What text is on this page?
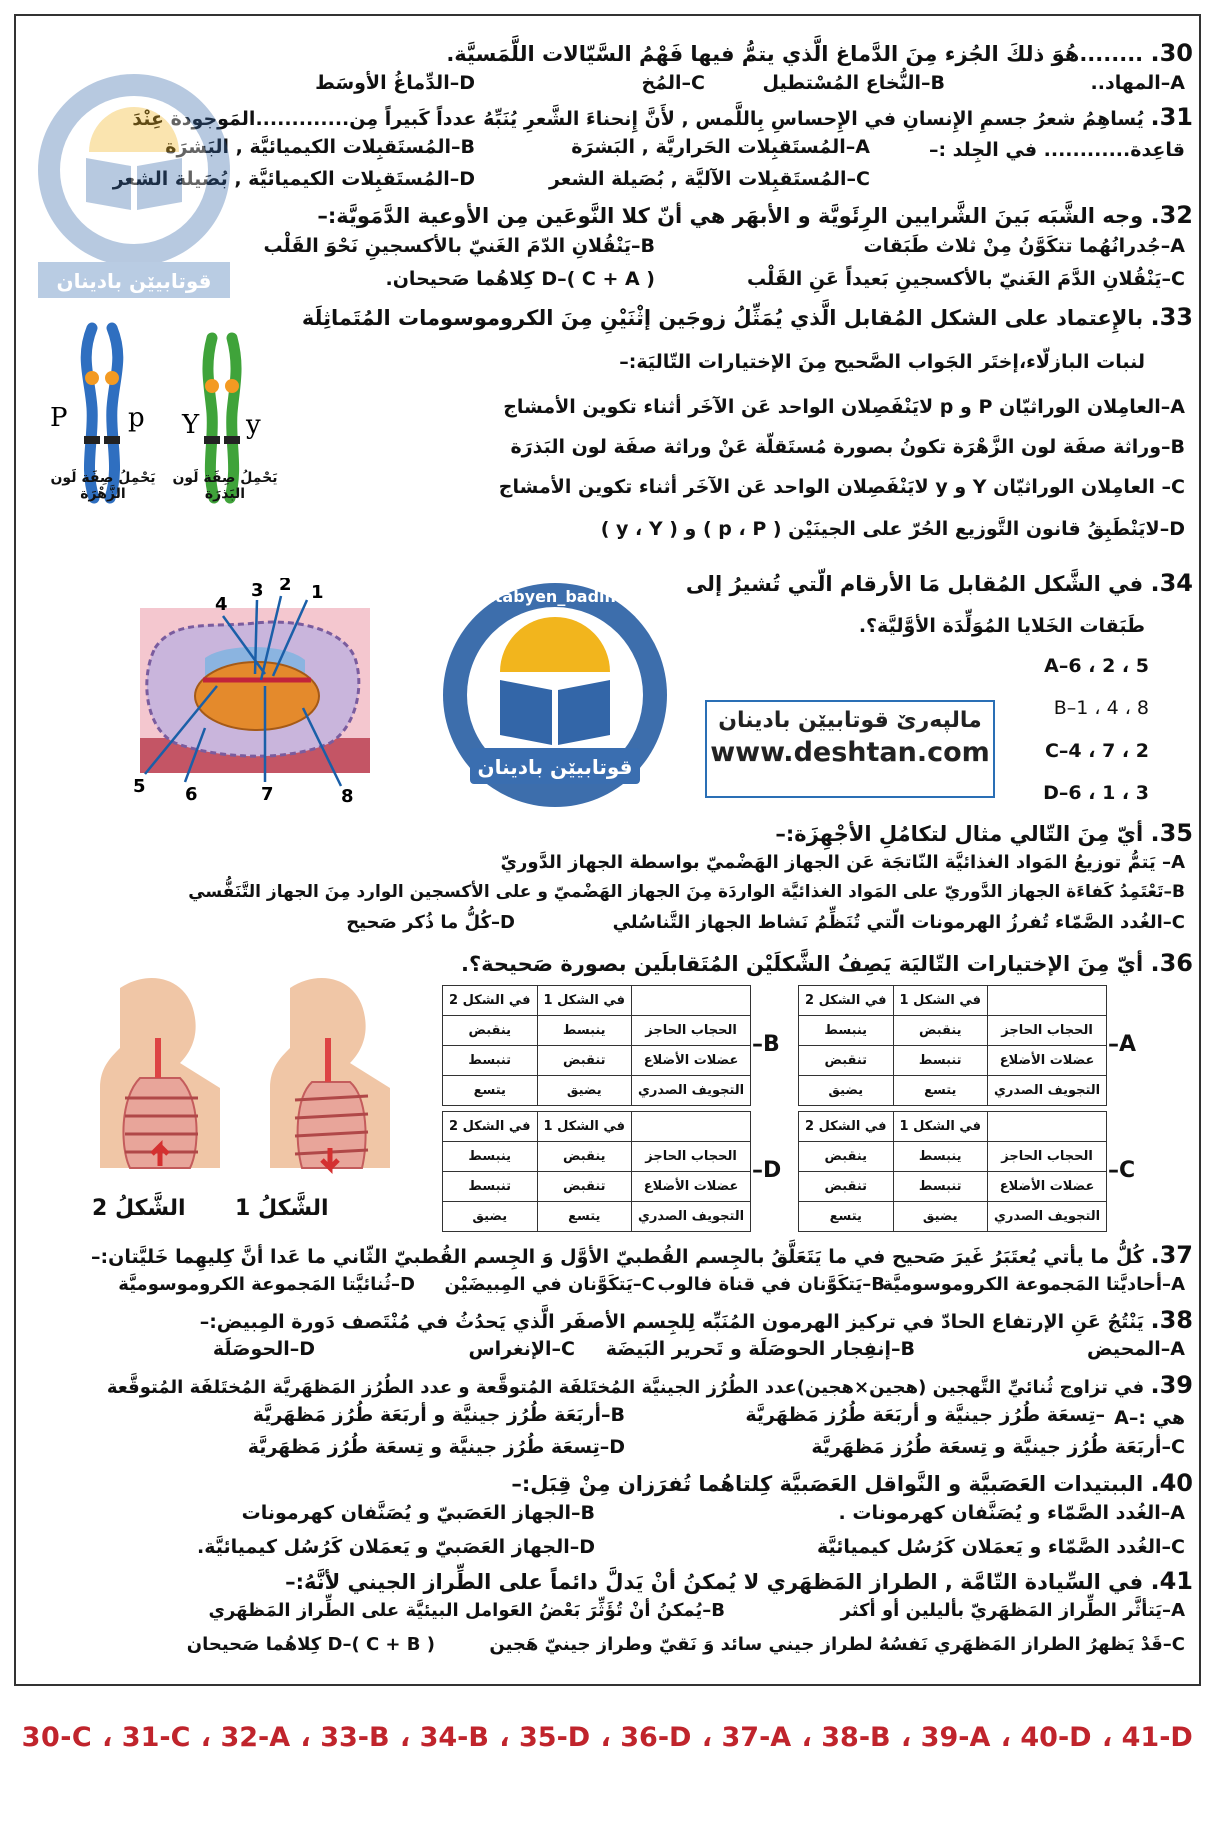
30. ........هُوَ ذلكَ الجُزء مِنَ الدَّماغ الَّذي يتمُّ فيها فَهْمُ السَّيّالات اللَّمَسيَّة.
A–المهاد..
B–النُّخاع المُسْتطيل
C–المُخ
D–الدِّماغُ الأوسَط
31. يُساهِمُ شعرُ جسمِ الإِنسانِ في الإِحساسِ بِاللَّمس , لأَنَّ إِنحناءَ الشَّعرِ يُنَبِّهُ عدداً كَبيراً مِن.............المَوجودة عِنْدَ
قاعِدة............ في الجِلد :–
A–المُستَقبِلات الحَراريَّة , البَشرَة
B–المُستَقبِلات الكيميائيَّة , البَشرَة
C–المُستَقبِلات الآليَّة , بُصَيلة الشعر
D–المُستَقبِلات الكيميائيَّة , بُصَيلة الشعر
32. وجه الشَّبَه بَينَ الشَّرايين الرِئَويَّة و الأبهَر هي أنّ كلا النَّوعَين مِن الأوعية الدَّمَويَّة:–
A–جُدرانُهُما تتكَوَّنُ مِنْ ثلاث طَبَقات
B–يَنْقُلانِ الدّمَ الغَنيّ بالأكسجينِ نَحْوَ القَلْب
C–يَنْقُلانِ الدَّمَ الغَنيّ بالأكسجينِ بَعيداً عَنِ القَلْب
D–( C + A ) كِلاهُما صَحيحان.
33. بالإِعتماد على الشكل المُقابل الَّذي يُمَثِّلُ زوجَين إثْنَيْنِ مِنَ الكروموسومات المُتَماثِلَة
لنبات البازلّاء،إختَر الجَواب الصَّحيح مِنَ الإختيارات التّاليَة:–
A–العامِلان الوراثيّان P و p لايَنْفَصِلان الواحد عَن الآخَر أثناء تكوين الأمشاج
B–وراثة صفَة لون الزَّهْرَة تكونُ بصورة مُستَقلّة عَنْ وراثة صفَة لون البَذرَة
C– العامِلان الوراثيّان Y و y لايَنْفَصِلان الواحد عَن الآخَر أثناء تكوين الأمشاج
D–لايَنْطَبِقُ قانون التَّوزيع الحُرّ على الجينَيْن ( p ، P ) و ( y ، Y )
P p Y y
يَحْمِلُ صِفَة لَون الزَّهْرَة
يَحْمِلُ صِفَة لَون البَذرَة
34. في الشَّكل المُقابل مَا الأرقام الّتي تُشيرُ إلى
طَبَقات الخَلايا المُوَلِّدَة الأوَّليَّة؟.
5 ، 2 ، 6–A
8 ، 4 ، 1–B
2 ، 7 ، 4–C
3 ، 1 ، 6–D
4
3 2 1
5 6	7	8
قوتابيێن بادينان
qutabyen_badinan
قوتابيێن بادينان
مالپەرێ قوتابيێن بادينان
www.deshtan.com
35. أيّ مِنَ التّالي مثال لتكامُلِ الأجْهِزَة:–
A– يَتمُّ توزيعُ المَواد الغذائيَّة النّاتجَة عَن الجهاز الهَضْميّ بواسطة الجهاز الدَّوريّ
B–تَعْتَمِدُ كَفاءَة الجهاز الدَّوريّ على المَواد الغذائيَّة الواردَة مِنَ الجهاز الهَضْميّ و على الأكسجين الوارد مِنَ الجهاز التَّنَفُّسي
C–الغُدد الصَّمّاء تُفرزُ الهرمونات الّتي تُنَظِّمُ نَشاط الجهاز التَّناسُلي
D–كُلُّ ما ذُكر صَحيح
36. أيّ مِنَ الإختيارات التّاليَة يَصِفُ الشَّكلَيْن المُتَقابلَين بصورة صَحيحة؟.
الشَّكلُ 2 الشَّكلُ 1
–A
	في الشكل 1	في الشكل 2
الحجاب الحاجز	ينقبض	ينبسط
عضلات الأضلاع	تنبسط	تنقبض
التجويف الصدري	يتسع	يضيق
–B
	في الشكل 1	في الشكل 2
الحجاب الحاجز	ينبسط	ينقبض
عضلات الأضلاع	تنقبض	تنبسط
التجويف الصدري	يضيق	يتسع
–C
	في الشكل 1	في الشكل 2
الحجاب الحاجز	ينبسط	ينقبض
عضلات الأضلاع	تنبسط	تنقبض
التجويف الصدري	يضيق	يتسع
–D
	في الشكل 1	في الشكل 2
الحجاب الحاجز	ينقبض	ينبسط
عضلات الأضلاع	تنقبض	تنبسط
التجويف الصدري	يتسع	يضيق
37. كُلُّ ما يأتي يُعتَبَرُ غَيرَ صَحيح في ما يَتَعَلَّقُ بالجِسم القُطبيّ الأوَّل وَ الجِسم القُطبيّ الثّاني ما عَدا أنَّ كِليهِما خَليَّتان:–
A–أحاديَّتا المَجموعة الكروموسوميَّة
B–يَتكَوَّنان في قناة فالوب
C–يَتكَوَّنان في المِبيضَيْن
D–ثُنائيَّتا المَجموعة الكروموسوميَّة
38. يَنْتُجُ عَنِ الإرتفاع الحادّ في تركيز الهرمون المُنَبِّه لِلجِسم الأصفَر الَّذي يَحدُثُ في مُنْتَصف دَورة المِبيض:–
A–المحيض
B–إنفِجار الحوصَلَة و تَحرير البَيضَة
C–الإنغراس
D–الحوصَلَة
39. في تزاوج ثُنائيِّ التَّهجين (هجين×هجين)عدد الطُرُز الجينيَّة المُختَلفَة المُتوقَّعة و عدد الطُرُز المَظهَريَّة المُختَلفَة المُتوقَّعة
هي :–A
–تِسعَة طُرُز جينيَّة و أربَعَة طُرُز مَظهَريَّة
B–أربَعَة طُرُز جينيَّة و أربَعَة طُرُز مَظهَريَّة
C–أربَعَة طُرُز جينيَّة و تِسعَة طُرُز مَظهَريَّة
D–تِسعَة طُرُز جينيَّة و تِسعَة طُرُز مَظهَريَّة
40. الببتيدات العَصَبيَّة و النَّواقل العَصَبيَّة كِلتاهُما تُفرَزان مِنْ قِبَل:–
A–الغُدد الصَّمّاء و يُصَنَّفان كهرمونات .
B–الجهاز العَصَبيّ و يُصَنَّفان كهرمونات
C–الغُدد الصَّمّاء و يَعمَلان كَرُسُل كيميائيَّة
D–الجهاز العَصَبيّ و يَعمَلان كَرُسُل كيميائيَّة.
41. في السِّيادة التّامَّة , الطراز المَظهَري لا يُمكنُ أنْ يَدلَّ دائماً على الطِّراز الجيني لأنَّهُ:–
A–يَتأثَّر الطِّراز المَظهَريّ بأليلين أو أكثر
B–يُمكنُ أنْ تُؤَثِّرَ بَعْضُ العَوامل البيئيَّة على الطِّراز المَظهَري
C–قَدْ يَظهرُ الطراز المَظهَري نَفسُهُ لطراز جيني سائد وَ نَقيّ وطراز جينيّ هَجين
D–( C + B ) كِلاهُما صَحيحان
30-C ، 31-C ، 32-A ، 33-B ، 34-B ، 35-D ، 36-D ، 37-A ، 38-B ، 39-A ، 40-D ، 41-D
